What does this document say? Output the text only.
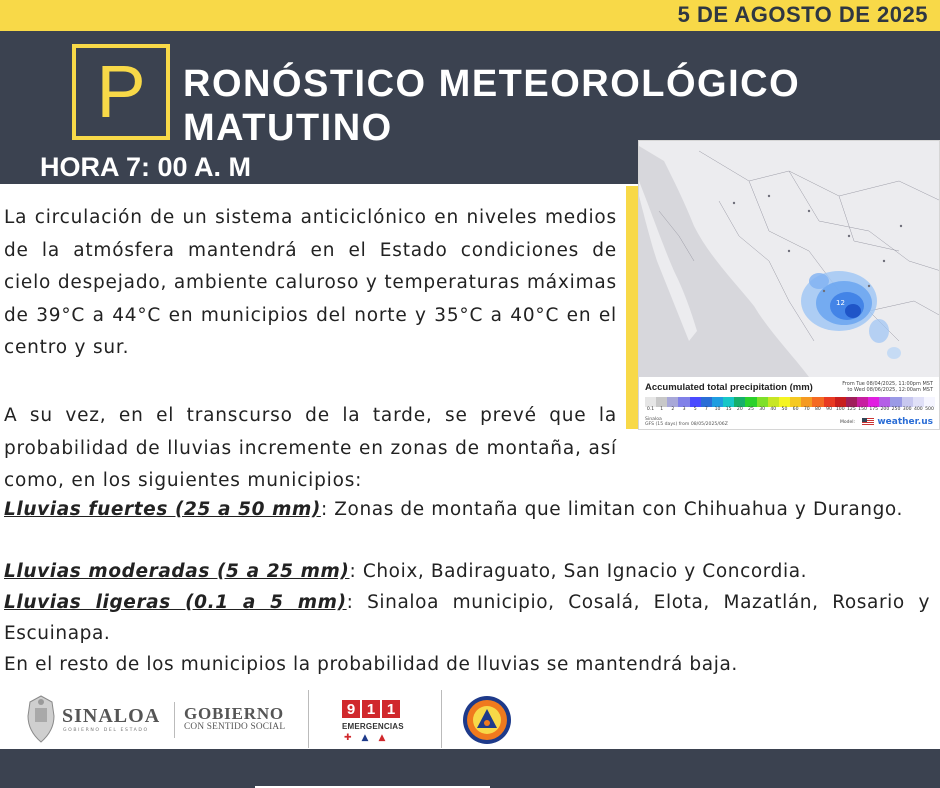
5 DE AGOSTO DE 2025
P RONÓSTICO METEOROLÓGICO
MATUTINO
HORA 7: 00 A. M
12
Accumulated total precipitation (mm)	From Tue 08/04/2025, 11:00pm MST
to Wed 08/06/2025, 12:00am MST
0.1	1	2	3	5	7	10	15	20	25	30	40	50	60	70	80	90 100 125 150 175 200 250 300 400 500
Sinaloa
GFS (15 days) from 08/05/2025/06Z	Model: weather.us

La circulación de un sistema anticiclónico en niveles medios de la atmósfera mantendrá en el Estado condiciones de cielo despejado, ambiente caluroso y temperaturas máximas de 39°C a 44°C en municipios del norte y 35°C a 40°C en el centro y sur.

A su vez, en el transcurso de la tarde, se prevé que la probabilidad de lluvias incremente en zonas de montaña, así como, en los siguientes municipios:

Lluvias fuertes (25 a 50 mm): Zonas de montaña que limitan con Chihuahua y Durango.

Lluvias moderadas (5 a 25 mm): Choix, Badiraguato, San Ignacio y Concordia.

Lluvias ligeras (0.1 a 5 mm): Sinaloa municipio, Cosalá, Elota, Mazatlán, Rosario y Escuinapa.

En el resto de los municipios la probabilidad de lluvias se mantendrá baja.

SINALOA
GOBIERNO DEL ESTADO
GOBIERNO
CON SENTIDO SOCIAL
9 1 1
EMERGENCIAS
✚ ▲ ▲
